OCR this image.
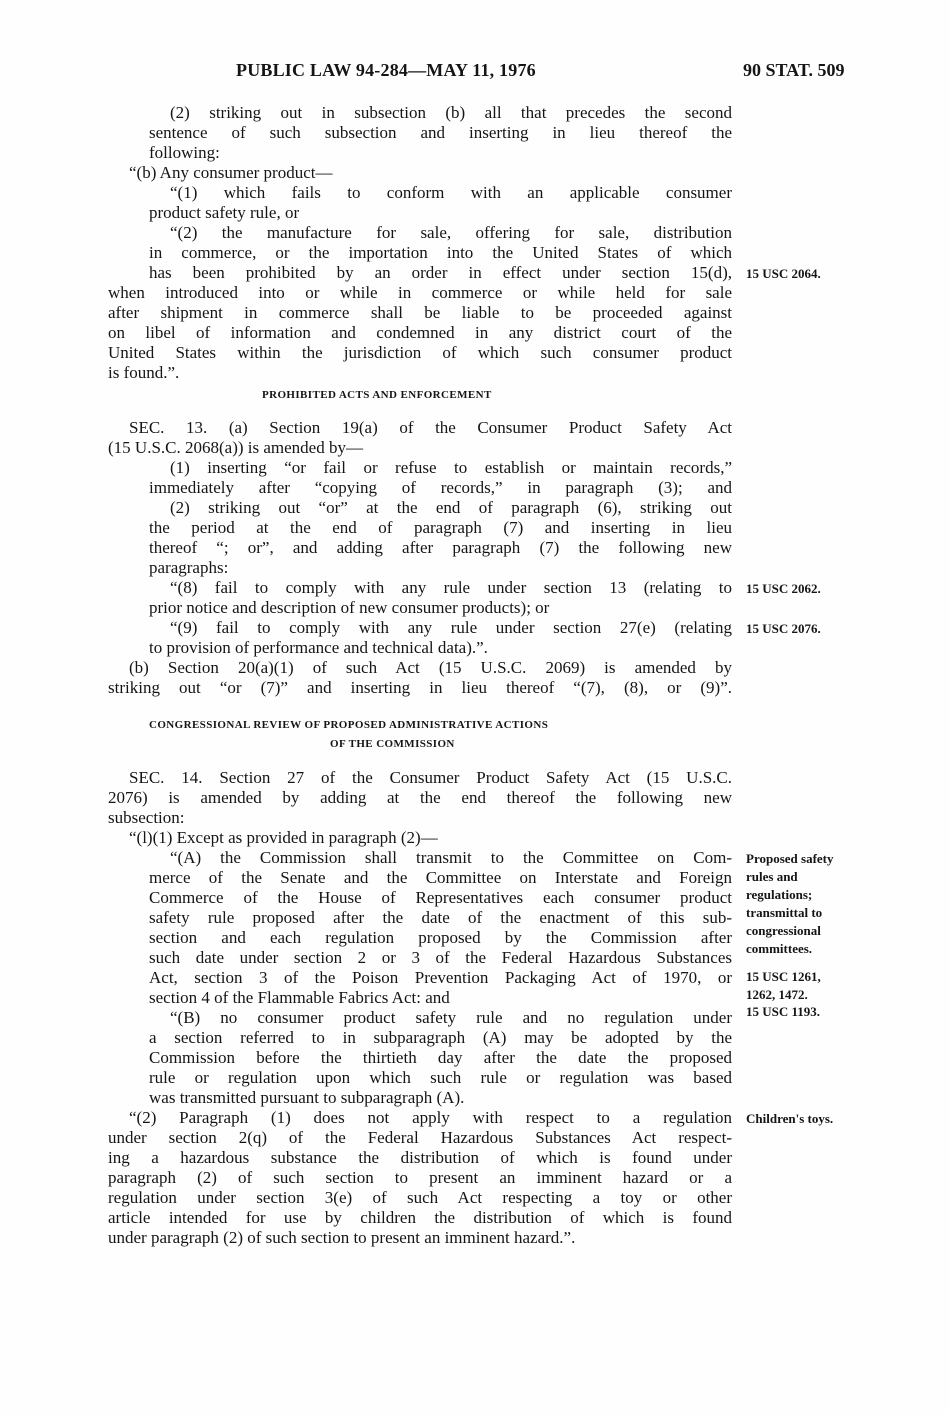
PUBLIC LAW 94-284—MAY 11, 1976	90 STAT. 509
(2) striking out in subsection (b) all that precedes the second
sentence of such subsection and inserting in lieu thereof the
following:
“(b) Any consumer product—
“(1) which fails to conform with an applicable consumer
product safety rule, or
“(2) the manufacture for sale, offering for sale, distribution
in commerce, or the importation into the United States of which
has been prohibited by an order in effect under section 15(d),
when introduced into or while in commerce or while held for sale
after shipment in commerce shall be liable to be proceeded against
on libel of information and condemned in any district court of the
United States within the jurisdiction of which such consumer product
is found.”.
PROHIBITED ACTS AND ENFORCEMENT
SEC. 13. (a) Section 19(a) of the Consumer Product Safety Act
(15 U.S.C. 2068(a)) is amended by—
(1) inserting “or fail or refuse to establish or maintain records,”
immediately after “copying of records,” in paragraph (3); and
(2) striking out “or” at the end of paragraph (6), striking out
the period at the end of paragraph (7) and inserting in lieu
thereof “; or”, and adding after paragraph (7) the following new
paragraphs:
“(8) fail to comply with any rule under section 13 (relating to
prior notice and description of new consumer products); or
“(9) fail to comply with any rule under section 27(e) (relating
to provision of performance and technical data).”.
(b) Section 20(a)(1) of such Act (15 U.S.C. 2069) is amended by
striking out “or (7)” and inserting in lieu thereof “(7), (8), or (9)”.
CONGRESSIONAL REVIEW OF PROPOSED ADMINISTRATIVE ACTIONS
OF THE COMMISSION
SEC. 14. Section 27 of the Consumer Product Safety Act (15 U.S.C.
2076) is amended by adding at the end thereof the following new
subsection:
“(l)(1) Except as provided in paragraph (2)—
“(A) the Commission shall transmit to the Committee on Com-
merce of the Senate and the Committee on Interstate and Foreign
Commerce of the House of Representatives each consumer product
safety rule proposed after the date of the enactment of this sub-
section and each regulation proposed by the Commission after
such date under section 2 or 3 of the Federal Hazardous Substances
Act, section 3 of the Poison Prevention Packaging Act of 1970, or
section 4 of the Flammable Fabrics Act: and
“(B) no consumer product safety rule and no regulation under
a section referred to in subparagraph (A) may be adopted by the
Commission before the thirtieth day after the date the proposed
rule or regulation upon which such rule or regulation was based
was transmitted pursuant to subparagraph (A).
“(2) Paragraph (1) does not apply with respect to a regulation
under section 2(q) of the Federal Hazardous Substances Act respect-
ing a hazardous substance the distribution of which is found under
paragraph (2) of such section to present an imminent hazard or a
regulation under section 3(e) of such Act respecting a toy or other
article intended for use by children the distribution of which is found
under paragraph (2) of such section to present an imminent hazard.”.
15 USC 2064.
15 USC 2062.
15 USC 2076.
Proposed safety
rules and
regulations;
transmittal to
congressional
committees.
15 USC 1261,
1262, 1472.
15 USC 1193.
Children's toys.
